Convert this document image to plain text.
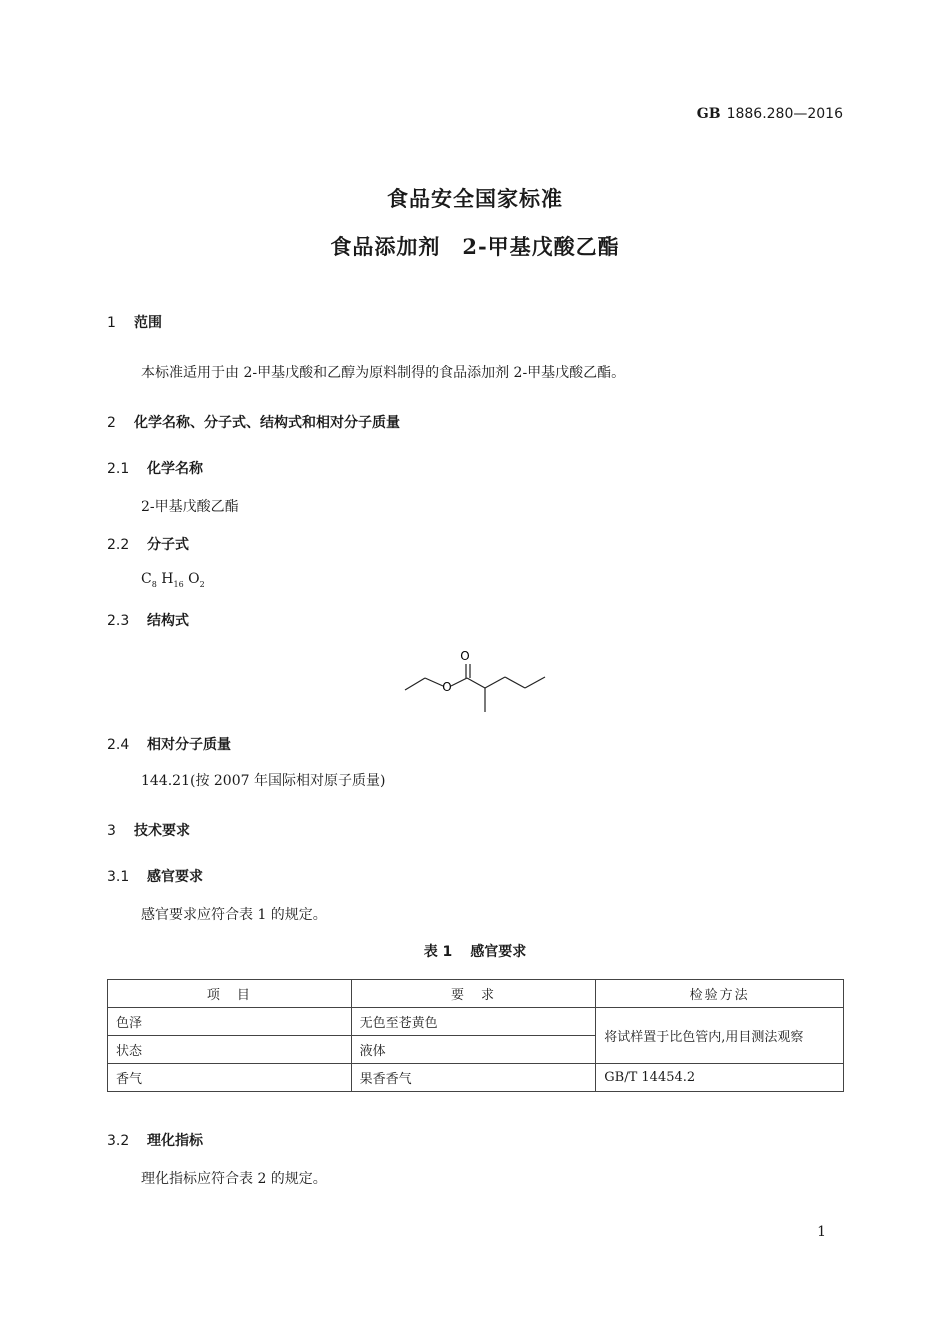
GB 1886.280—2016
食品安全国家标准
食品添加剂　2-甲基戊酸乙酯
1 范围
本标准适用于由 2-甲基戊酸和乙醇为原料制得的食品添加剂 2-甲基戊酸乙酯。
2 化学名称、分子式、结构式和相对分子质量
2.1 化学名称
2-甲基戊酸乙酯
2.2 分子式
$C_8$ $H_{16}$ $O_2$
2.3 结构式
O
O
2.4 相对分子质量
144.21(按 2007 年国际相对原子质量)
3 技术要求
3.1 感官要求
感官要求应符合表 1 的规定。
表 1 感官要求
项　目	要　求	检验方法
色泽	无色至苍黄色	将试样置于比色管内,用目测法观察
状态	液体	
香气	果香香气	GB/T 14454.2
3.2 理化指标
理化指标应符合表 2 的规定。
1
